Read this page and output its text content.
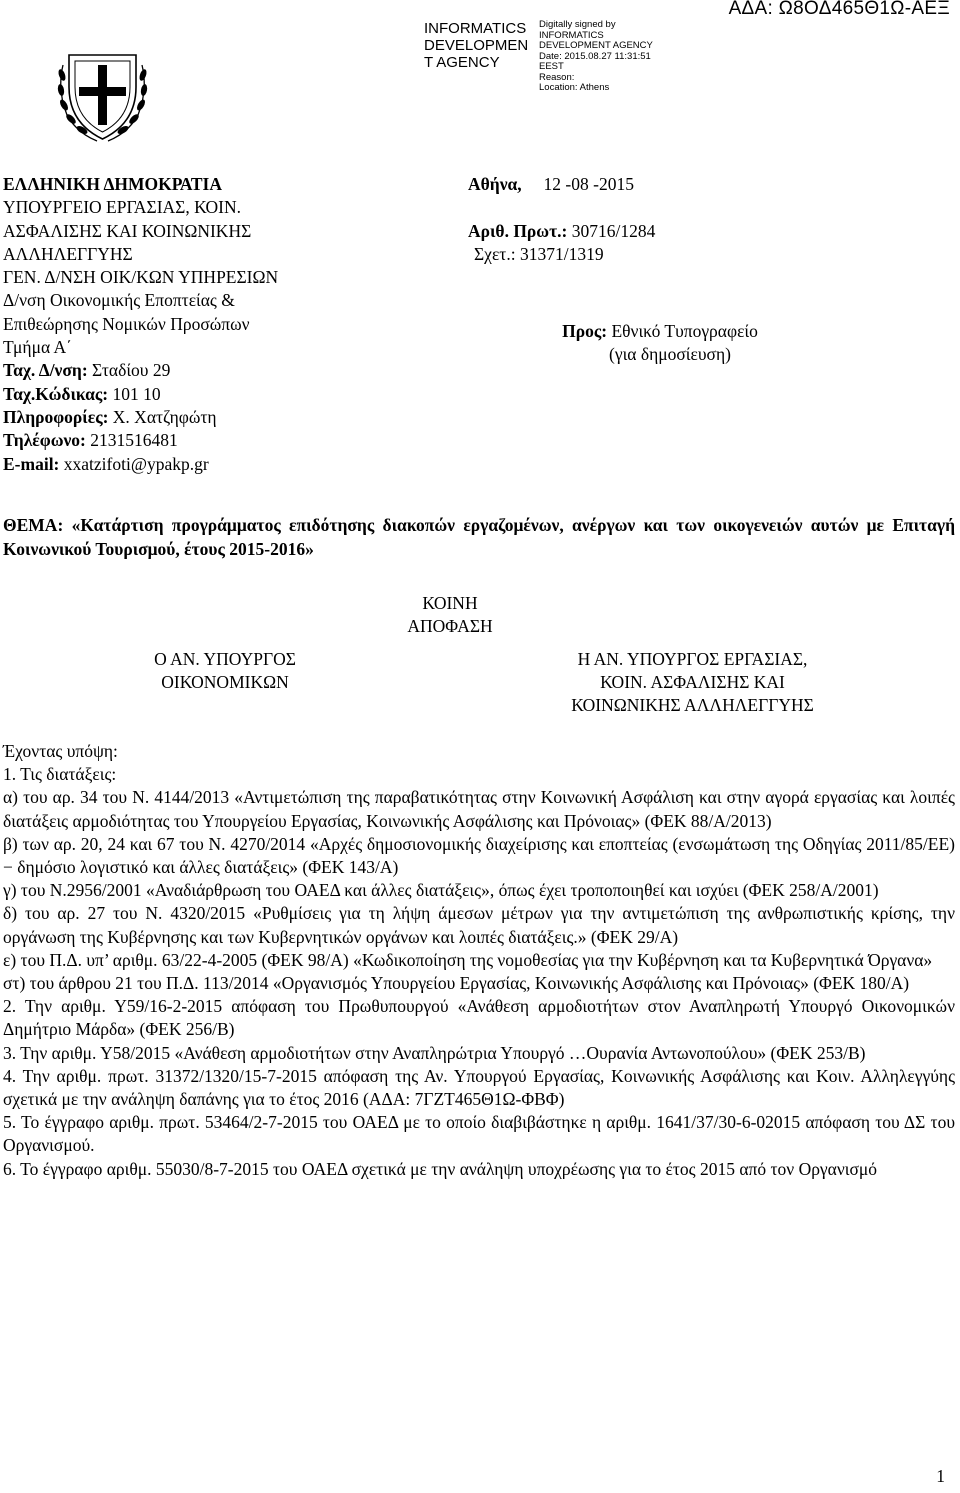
INFORMATICS
DEVELOPMEN
T AGENCY
Digitally signed by
INFORMATICS
DEVELOPMENT AGENCY
Date: 2015.08.27 11:31:51
EEST
Reason:
Location: Athens
ΑΔΑ: Ω8ΟΔ465Θ1Ω-ΑΕΞ
ΕΛΛΗΝΙΚΗ ΔΗΜΟΚΡΑΤΙΑ
ΥΠΟΥΡΓΕΙΟ ΕΡΓΑΣΙΑΣ, ΚΟΙΝ.
ΑΣΦΑΛΙΣΗΣ ΚΑΙ ΚΟΙΝΩΝΙΚΗΣ
ΑΛΛΗΛΕΓΓΥΗΣ
ΓΕΝ. Δ/ΝΣΗ ΟΙΚ/ΚΩΝ ΥΠΗΡΕΣΙΩΝ
Δ/νση Οικονομικής Εποπτείας &
Επιθεώρησης Νομικών Προσώπων
Τμήμα Α΄
Ταχ. Δ/νση: Σταδίου 29
Ταχ.Κώδικας: 101 10
Πληροφορίες: Χ. Χατζηφώτη
Τηλέφωνο: 2131516481
E-mail: xxatzifoti@ypakp.gr
Αθήνα, 12 -08 -2015
Αριθ. Πρωτ.: 30716/1284
Σχετ.: 31371/1319
Προς: Εθνικό Τυπογραφείο
(για δημοσίευση)
ΘΕΜΑ: «Κατάρτιση προγράμματος επιδότησης διακοπών εργαζομένων, ανέργων και των οικογενειών αυτών με Επιταγή Κοινωνικού Τουρισμού, έτους 2015-2016»
ΚΟΙΝΗ
ΑΠΟΦΑΣΗ
Ο ΑΝ. ΥΠΟΥΡΓΟΣ
ΟΙΚΟΝΟΜΙΚΩΝ
Η ΑΝ. ΥΠΟΥΡΓΟΣ ΕΡΓΑΣΙΑΣ,
ΚΟΙΝ. ΑΣΦΑΛΙΣΗΣ ΚΑΙ
ΚΟΙΝΩΝΙΚΗΣ ΑΛΛΗΛΕΓΓΥΗΣ

Έχοντας υπόψη:

1. Τις διατάξεις:

α) του αρ. 34 του Ν. 4144/2013 «Αντιμετώπιση της παραβατικότητας στην Κοινωνική Ασφάλιση και στην αγορά εργασίας και λοιπές διατάξεις αρμοδιότητας του Υπουργείου Εργασίας, Κοινωνικής Ασφάλισης και Πρόνοιας» (ΦΕΚ 88/Α/2013)

β) των αρ. 20, 24 και 67 του Ν. 4270/2014 «Αρχές δημοσιονομικής διαχείρισης και εποπτείας (ενσωμάτωση της Οδηγίας 2011/85/ΕΕ) − δημόσιο λογιστικό και άλλες διατάξεις» (ΦΕΚ 143/Α)

γ) του Ν.2956/2001 «Αναδιάρθρωση του ΟΑΕΔ και άλλες διατάξεις», όπως έχει τροποποιηθεί και ισχύει (ΦΕΚ 258/Α/2001)

δ) του αρ. 27 του Ν. 4320/2015 «Ρυθμίσεις για τη λήψη άμεσων μέτρων για την αντιμετώπιση της ανθρωπιστικής κρίσης, την οργάνωση της Κυβέρνησης και των Κυβερνητικών οργάνων και λοιπές διατάξεις.» (ΦΕΚ 29/Α)

ε) του Π.Δ. υπ’ αριθμ. 63/22-4-2005 (ΦΕΚ 98/Α) «Κωδικοποίηση της νομοθεσίας για την Κυβέρνηση και τα Κυβερνητικά Όργανα»

στ) του άρθρου 21 του Π.Δ. 113/2014 «Οργανισμός Υπουργείου Εργασίας, Κοινωνικής Ασφάλισης και Πρόνοιας» (ΦΕΚ 180/Α)

2. Την αριθμ. Υ59/16-2-2015 απόφαση του Πρωθυπουργού «Ανάθεση αρμοδιοτήτων στον Αναπληρωτή Υπουργό Οικονομικών Δημήτριο Μάρδα» (ΦΕΚ 256/Β)

3. Την αριθμ. Υ58/2015 «Ανάθεση αρμοδιοτήτων στην Αναπληρώτρια Υπουργό …Ουρανία Αντωνοπούλου» (ΦΕΚ 253/Β)

4. Την αριθμ. πρωτ. 31372/1320/15-7-2015 απόφαση της Αν. Υπουργού Εργασίας, Κοινωνικής Ασφάλισης και Κοιν. Αλληλεγγύης σχετικά με την ανάληψη δαπάνης για το έτος 2016 (ΑΔΑ: 7ΓΖΤ465Θ1Ω-ΦΒΦ)

5. Το έγγραφο αριθμ. πρωτ. 53464/2-7-2015 του ΟΑΕΔ με το οποίο διαβιβάστηκε η αριθμ. 1641/37/30-6-02015 απόφαση του ΔΣ του Οργανισμού.

6. Το έγγραφο αριθμ. 55030/8-7-2015 του ΟΑΕΔ σχετικά με την ανάληψη υποχρέωσης για το έτος 2015 από τον Οργανισμό

1
